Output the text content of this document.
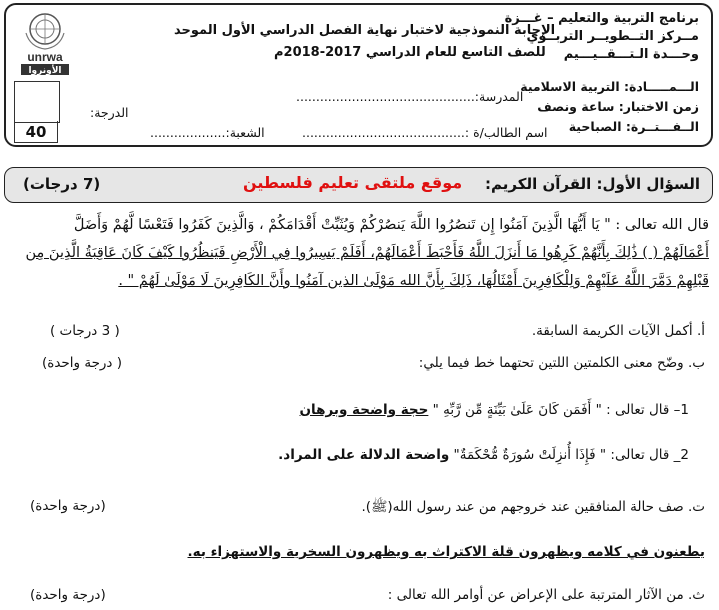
برنامج التربية والتعليم – غـــزة
مــركز التــطويــر التربــوي
وحـــدة الـتـــقــيـــيم
الإجابة النموذجية لاختبار نهاية الفصل الدراسي الأول الموحد
للصف التاسع للعام الدراسي 2017-2018م
الـــمـــــادة: التربية الاسلامية
زمن الاختبار: ساعة ونصف
الــفـــتــرة: الصباحية
المدرسة:.............................................
اسم الطالب/ة :.........................................
الشعبة:...................
الدرجة:
unrwa
الأونروا
40
السؤال الأول: القرآن الكريم:
موقع ملتقى تعليم فلسطين
(7 درجات)
قال الله تعالى : " يَا أَيُّهَا الَّذِينَ آمَنُوا إِن تَنصُرُوا اللَّهَ يَنصُرْكُمْ وَيُثَبِّتْ أَقْدَامَكُمْ ، وَالَّذِينَ كَفَرُوا فَتَعْسًا لَّهُمْ وَأَضَلَّ
أَعْمَالَهُمْ ( ) ذَٰلِكَ بِأَنَّهُمْ كَرِهُوا مَا أَنزَلَ اللَّهُ فَأَحْبَطَ أَعْمَالَهُمْ، أَفَلَمْ يَسِيرُوا فِي الْأَرْضِ فَيَنظُرُوا كَيْفَ كَانَ عَاقِبَةُ الَّذِينَ مِن
قَبْلِهِمْ دَمَّرَ اللَّهُ عَلَيْهِمْ وَلِلْكَافِرِينَ أَمْثَالُهَا، ذَلِكَ بِأَنَّ الله مَوْلَىٰ الذين آمَنُوا وأَنَّ الكَافِرِينَ لَا مَوْلَىٰ لَهُمْ " .
أ. أكمل الآيات الكريمة السابقة.
( 3 درجات )
ب. وضّح معنى الكلمتين اللتين تحتهما خط فيما يلي:
( درجة واحدة)
1– قال تعالى : " أَفَمَن كَانَ عَلَىٰ بَيِّنَةٍ مِّن رَّبِّهِ " حجة واضحة وبرهان
2_ قال تعالى: " فَإِذَا أُنزِلَتْ سُورَةٌ مُّحْكَمَةٌ" واضحة الدلالة على المراد.
ت. صف حالة المنافقين عند خروجهم من عند رسول الله(ﷺ).
(درجة واحدة)
يطعنون في كلامه ويظهرون قلة الاكتراث به ويظهرون السخرية والاستهزاء به.
ث. من الآثار المترتبة على الإعراض عن أوامر الله تعالى :
(درجة واحدة)
